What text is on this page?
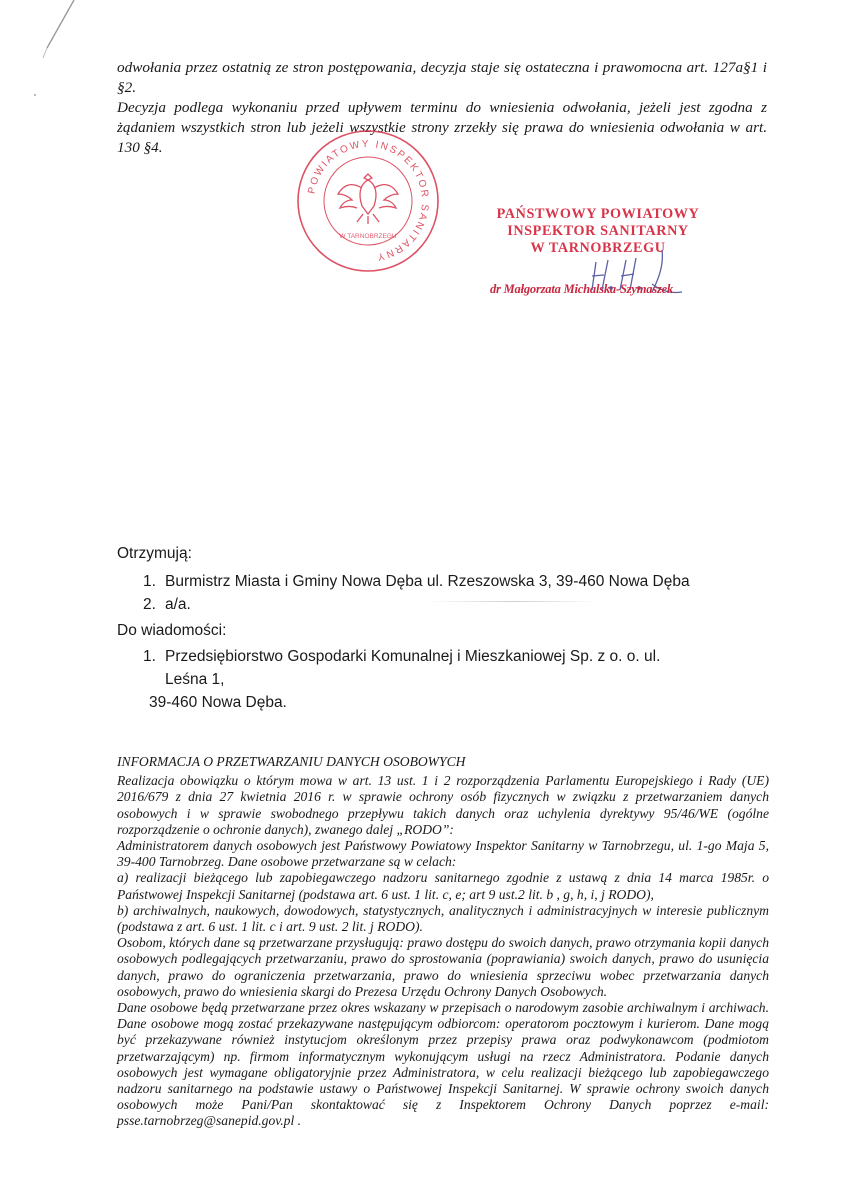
odwołania przez ostatnią ze stron postępowania, decyzja staje się ostateczna i prawomocna art. 127a§1 i §2.

Decyzja podlega wykonaniu przed upływem terminu do wniesienia odwołania, jeżeli jest zgodna z żądaniem wszystkich stron lub jeżeli wszystkie strony zrzekły się prawa do wniesienia odwołania w art. 130 §4.

POWIATOWY INSPEKTOR SANITARNY
W TARNOBRZEGU
PAŃSTWOWY POWIATOWY
INSPEKTOR SANITARNY
W TARNOBRZEGU
dr Małgorzata Michalska-Szymaszek
Otrzymują:
1. Burmistrz Miasta i Gminy Nowa Dęba ul. Rzeszowska 3, 39-460 Nowa Dęba
2. a/a.
Do wiadomości:
1. Przedsiębiorstwo Gospodarki Komunalnej i Mieszkaniowej Sp. z o. o. ul. Leśna 1,
39-460 Nowa Dęba.

INFORMACJA O PRZETWARZANIU DANYCH OSOBOWYCH

Realizacja obowiązku o którym mowa w art. 13 ust. 1 i 2 rozporządzenia Parlamentu Europejskiego i Rady (UE) 2016/679 z dnia 27 kwietnia 2016 r. w sprawie ochrony osób fizycznych w związku z przetwarzaniem danych osobowych i w sprawie swobodnego przepływu takich danych oraz uchylenia dyrektywy 95/46/WE (ogólne rozporządzenie o ochronie danych), zwanego dalej „RODO”:

Administratorem danych osobowych jest Państwowy Powiatowy Inspektor Sanitarny w Tarnobrzegu, ul. 1-go Maja 5, 39-400 Tarnobrzeg. Dane osobowe przetwarzane są w celach:

a) realizacji bieżącego lub zapobiegawczego nadzoru sanitarnego zgodnie z ustawą z dnia 14 marca 1985r. o Państwowej Inspekcji Sanitarnej (podstawa art. 6 ust. 1 lit. c, e; art 9 ust.2 lit. b , g, h, i, j RODO),

b) archiwalnych, naukowych, dowodowych, statystycznych, analitycznych i administracyjnych w interesie publicznym (podstawa z art. 6 ust. 1 lit. c i art. 9 ust. 2 lit. j RODO).

Osobom, których dane są przetwarzane przysługują: prawo dostępu do swoich danych, prawo otrzymania kopii danych osobowych podlegających przetwarzaniu, prawo do sprostowania (poprawiania) swoich danych, prawo do usunięcia danych, prawo do ograniczenia przetwarzania, prawo do wniesienia sprzeciwu wobec przetwarzania danych osobowych, prawo do wniesienia skargi do Prezesa Urzędu Ochrony Danych Osobowych.

Dane osobowe będą przetwarzane przez okres wskazany w przepisach o narodowym zasobie archiwalnym i archiwach. Dane osobowe mogą zostać przekazywane następującym odbiorcom: operatorom pocztowym i kurierom. Dane mogą być przekazywane również instytucjom określonym przez przepisy prawa oraz podwykonawcom (podmiotom przetwarzającym) np. firmom informatycznym wykonującym usługi na rzecz Administratora. Podanie danych osobowych jest wymagane obligatoryjnie przez Administratora, w celu realizacji bieżącego lub zapobiegawczego nadzoru sanitarnego na podstawie ustawy o Państwowej Inspekcji Sanitarnej. W sprawie ochrony swoich danych osobowych może Pani/Pan skontaktować się z Inspektorem Ochrony Danych poprzez e-mail: psse.tarnobrzeg@sanepid.gov.pl .
